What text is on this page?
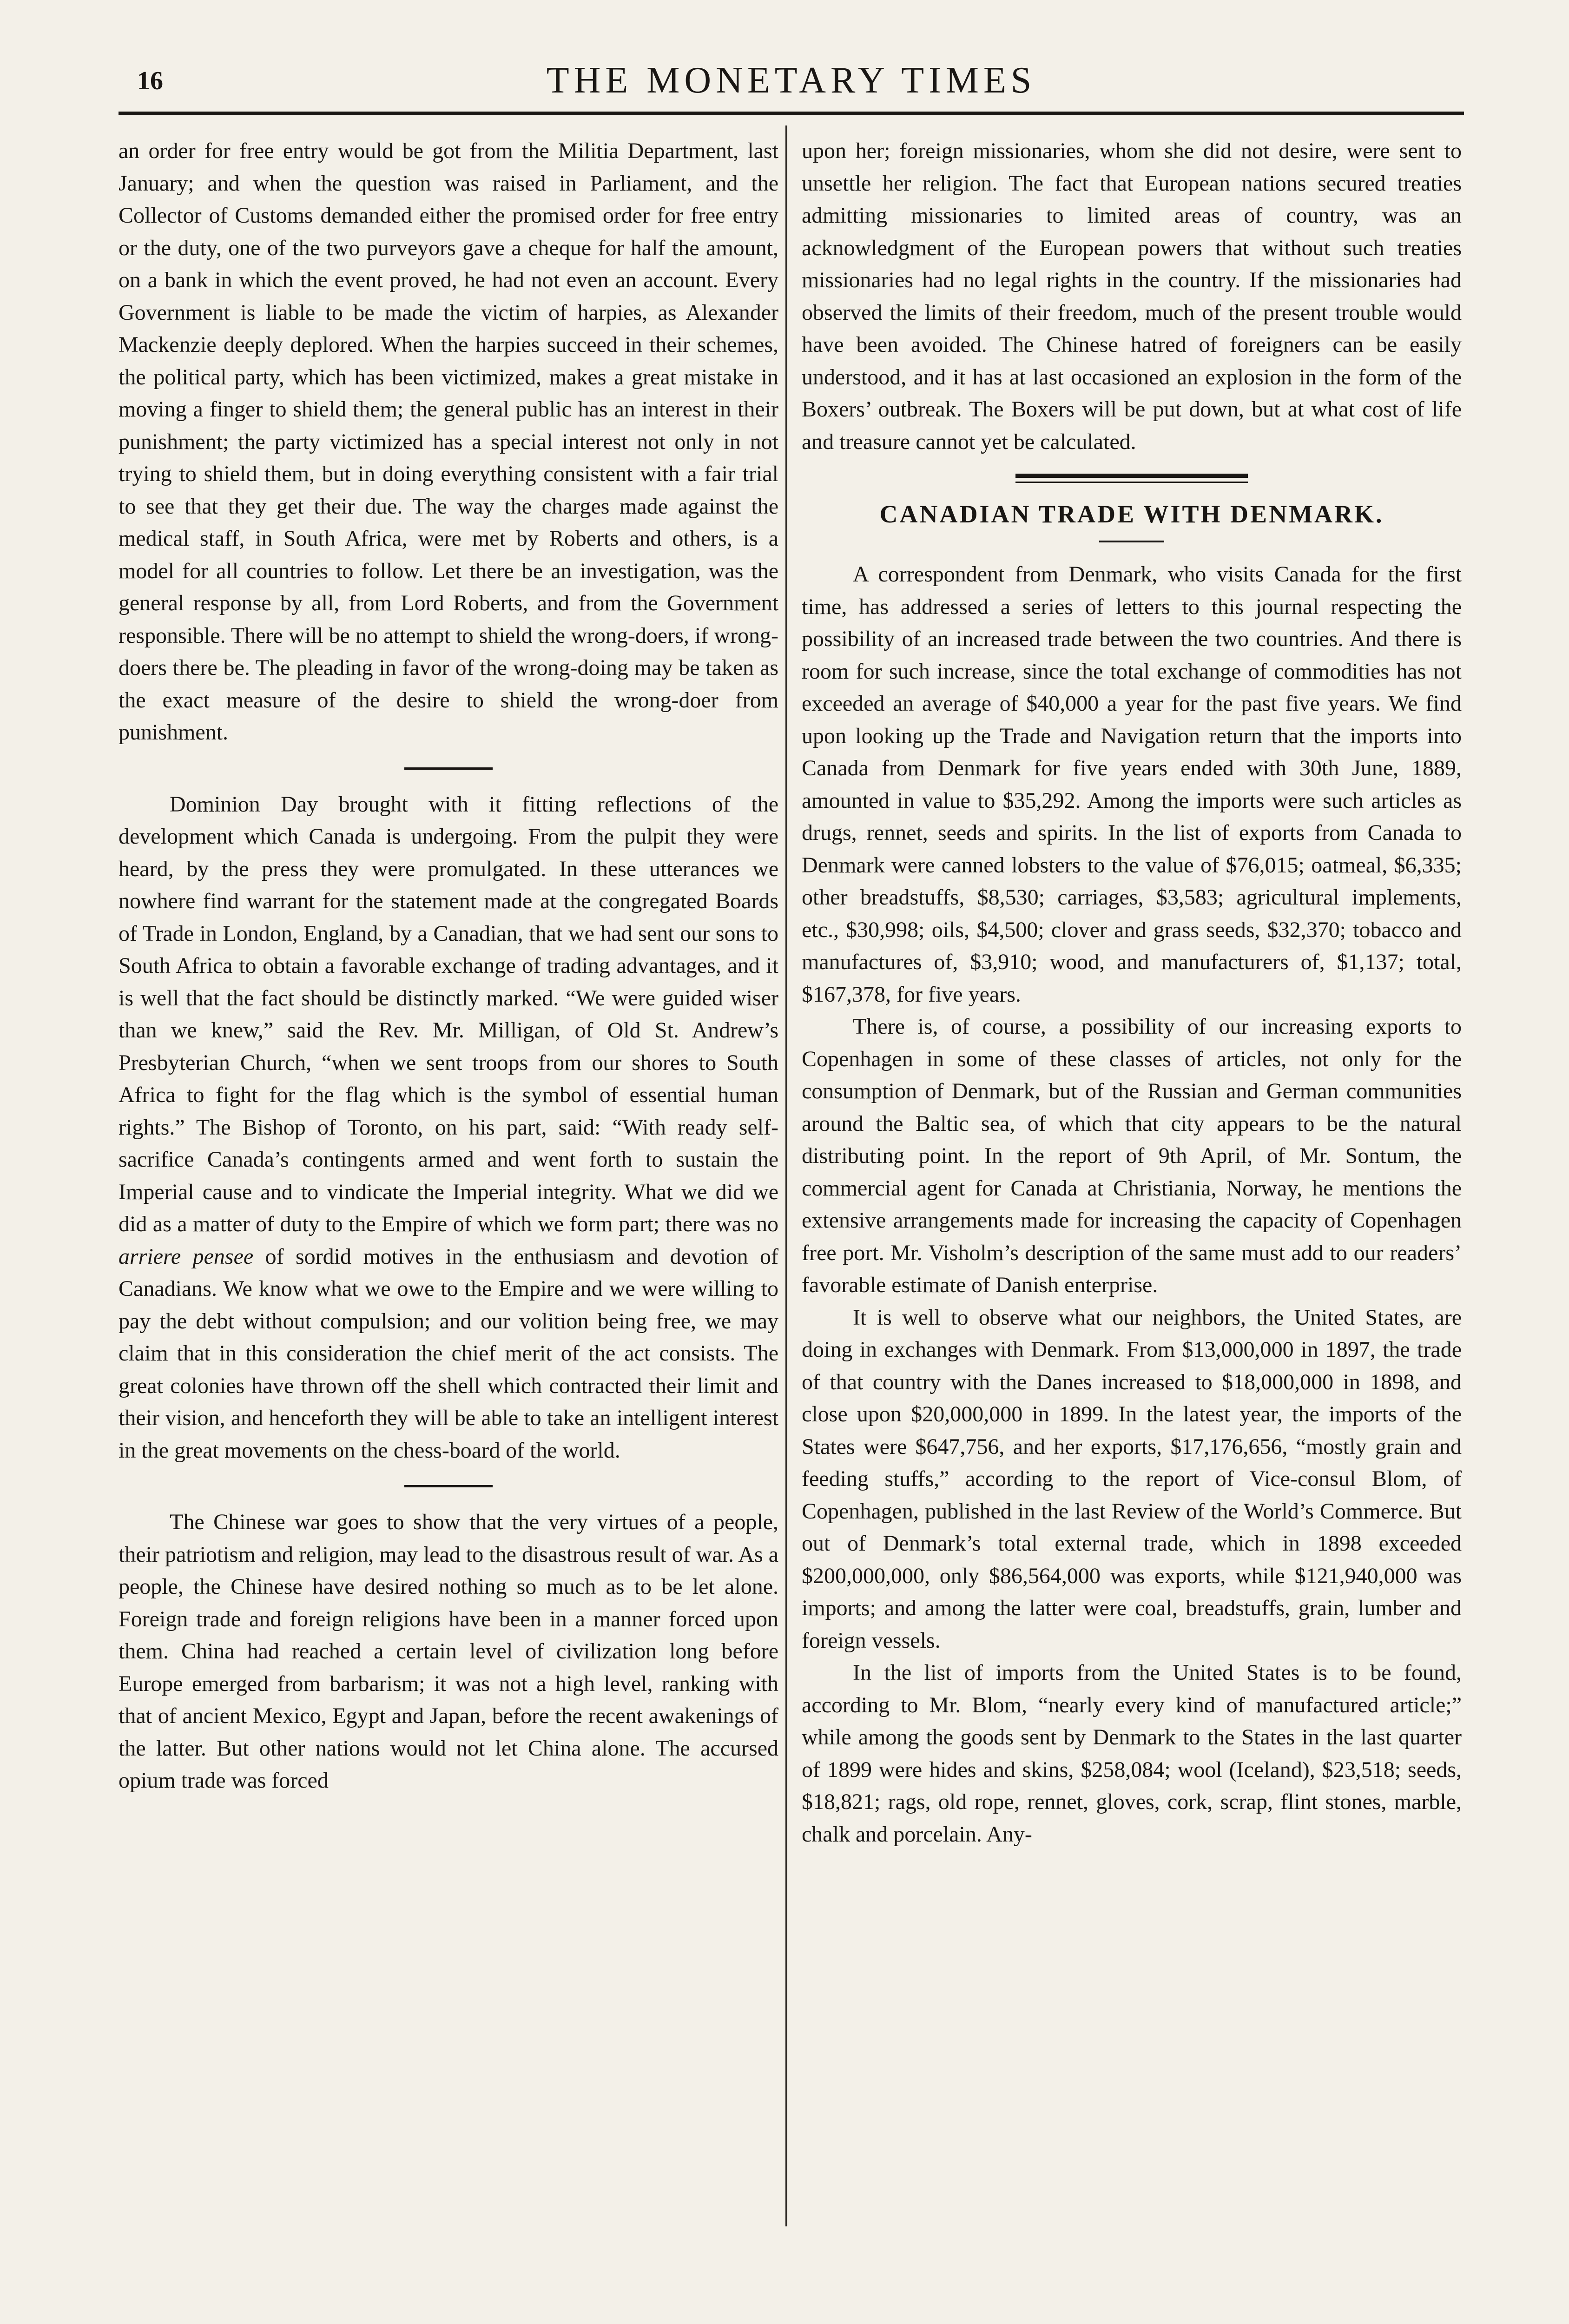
16	THE MONETARY TIMES

an order for free entry would be got from the Militia Department, last January; and when the question was raised in Parliament, and the Collector of Customs demanded either the promised order for free entry or the duty, one of the two purveyors gave a cheque for half the amount, on a bank in which the event proved, he had not even an account. Every Government is liable to be made the victim of harpies, as Alexander Mackenzie deeply deplored. When the harpies succeed in their schemes, the political party, which has been victimized, makes a great mistake in moving a finger to shield them; the general public has an interest in their punishment; the party victimized has a special interest not only in not trying to shield them, but in doing everything consistent with a fair trial to see that they get their due. The way the charges made against the medical staff, in South Africa, were met by Roberts and others, is a model for all countries to follow. Let there be an investigation, was the general response by all, from Lord Roberts, and from the Government responsible. There will be no attempt to shield the wrong-doers, if wrong-doers there be. The pleading in favor of the wrong-doing may be taken as the exact measure of the desire to shield the wrong-doer from punishment.

Dominion Day brought with it fitting reflections of the development which Canada is undergoing. From the pulpit they were heard, by the press they were promulgated. In these utterances we nowhere find warrant for the statement made at the congregated Boards of Trade in London, England, by a Canadian, that we had sent our sons to South Africa to obtain a favorable exchange of trading advantages, and it is well that the fact should be distinctly marked. “We were guided wiser than we knew,” said the Rev. Mr. Milligan, of Old St. Andrew’s Presbyterian Church, “when we sent troops from our shores to South Africa to fight for the flag which is the symbol of essential human rights.” The Bishop of Toronto, on his part, said: “With ready self-sacrifice Canada’s contingents armed and went forth to sustain the Imperial cause and to vindicate the Imperial integrity. What we did we did as a matter of duty to the Empire of which we form part; there was no arriere pensee of sordid motives in the enthusiasm and devotion of Canadians. We know what we owe to the Empire and we were willing to pay the debt without compulsion; and our volition being free, we may claim that in this consideration the chief merit of the act consists. The great colonies have thrown off the shell which contracted their limit and their vision, and henceforth they will be able to take an intelligent interest in the great movements on the chess-board of the world.

The Chinese war goes to show that the very virtues of a people, their patriotism and religion, may lead to the disastrous result of war. As a people, the Chinese have desired nothing so much as to be let alone. Foreign trade and foreign religions have been in a manner forced upon them. China had reached a certain level of civilization long before Europe emerged from barbarism; it was not a high level, ranking with that of ancient Mexico, Egypt and Japan, before the recent awakenings of the latter. But other nations would not let China alone. The accursed opium trade was forced

upon her; foreign missionaries, whom she did not desire, were sent to unsettle her religion. The fact that European nations secured treaties admitting missionaries to limited areas of country, was an acknowledgment of the European powers that without such treaties missionaries had no legal rights in the country. If the missionaries had observed the limits of their freedom, much of the present trouble would have been avoided. The Chinese hatred of foreigners can be easily understood, and it has at last occasioned an explosion in the form of the Boxers’ outbreak. The Boxers will be put down, but at what cost of life and treasure cannot yet be calculated.

CANADIAN TRADE WITH DENMARK.

A correspondent from Denmark, who visits Canada for the first time, has addressed a series of letters to this journal respecting the possibility of an increased trade between the two countries. And there is room for such increase, since the total exchange of commodities has not exceeded an average of $40,000 a year for the past five years. We find upon looking up the Trade and Navigation return that the imports into Canada from Denmark for five years ended with 30th June, 1889, amounted in value to $35,292. Among the imports were such articles as drugs, rennet, seeds and spirits. In the list of exports from Canada to Denmark were canned lobsters to the value of $76,015; oatmeal, $6,335; other breadstuffs, $8,530; carriages, $3,583; agricultural implements, etc., $30,998; oils, $4,500; clover and grass seeds, $32,370; tobacco and manufactures of, $3,910; wood, and manufacturers of, $1,137; total, $167,378, for five years.

There is, of course, a possibility of our increasing exports to Copenhagen in some of these classes of articles, not only for the consumption of Denmark, but of the Russian and German communities around the Baltic sea, of which that city appears to be the natural distributing point. In the report of 9th April, of Mr. Sontum, the commercial agent for Canada at Christiania, Norway, he mentions the extensive arrangements made for increasing the capacity of Copenhagen free port. Mr. Visholm’s description of the same must add to our readers’ favorable estimate of Danish enterprise.

It is well to observe what our neighbors, the United States, are doing in exchanges with Denmark. From $13,000,000 in 1897, the trade of that country with the Danes increased to $18,000,000 in 1898, and close upon $20,000,000 in 1899. In the latest year, the imports of the States were $647,756, and her exports, $17,176,656, “mostly grain and feeding stuffs,” according to the report of Vice-consul Blom, of Copenhagen, published in the last Review of the World’s Commerce. But out of Denmark’s total external trade, which in 1898 exceeded $200,000,000, only $86,564,000 was exports, while $121,940,000 was imports; and among the latter were coal, breadstuffs, grain, lumber and foreign vessels.

In the list of imports from the United States is to be found, according to Mr. Blom, “nearly every kind of manufactured article;” while among the goods sent by Denmark to the States in the last quarter of 1899 were hides and skins, $258,084; wool (Iceland), $23,518; seeds, $18,821; rags, old rope, rennet, gloves, cork, scrap, flint stones, marble, chalk and porcelain. Any-
